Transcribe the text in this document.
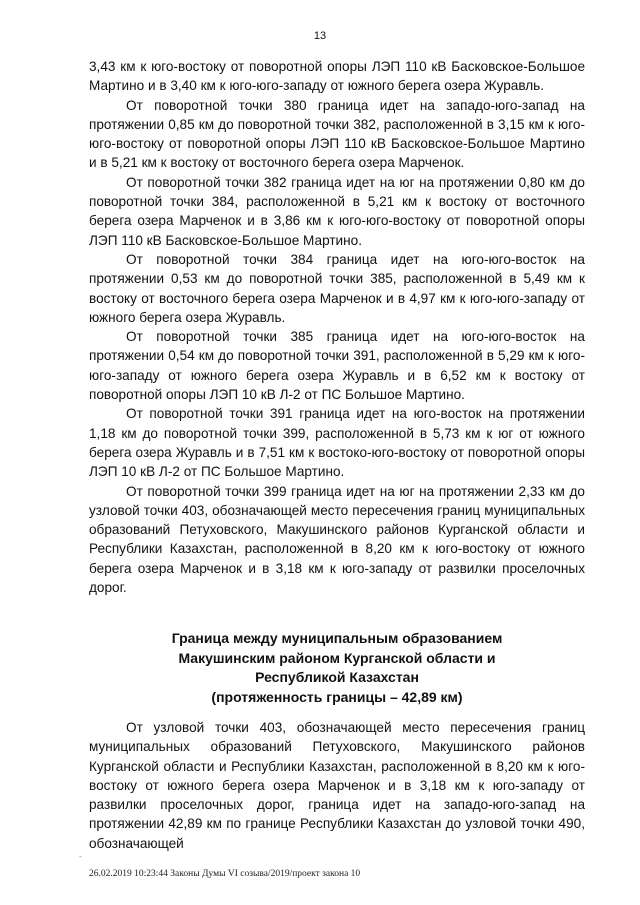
13

3,43 км к юго-востоку от поворотной опоры ЛЭП 110 кВ Басковское-Большое Мартино и в 3,40 км к юго-юго-западу от южного берега озера Журавль.

От поворотной точки 380 граница идет на западо-юго-запад на протяжении 0,85 км до поворотной точки 382, расположенной в 3,15 км к юго-юго-востоку от поворотной опоры ЛЭП 110 кВ Басковское-Большое Мартино и в 5,21 км к востоку от восточного берега озера Марченок.

От поворотной точки 382 граница идет на юг на протяжении 0,80 км до поворотной точки 384, расположенной в 5,21 км к востоку от восточного берега озера Марченок и в 3,86 км к юго-юго-востоку от поворотной опоры ЛЭП 110 кВ Басковское-Большое Мартино.

От поворотной точки 384 граница идет на юго-юго-восток на протяжении 0,53 км до поворотной точки 385, расположенной в 5,49 км к востоку от восточного берега озера Марченок и в 4,97 км к юго-юго-западу от южного берега озера Журавль.

От поворотной точки 385 граница идет на юго-юго-восток на протяжении 0,54 км до поворотной точки 391, расположенной в 5,29 км к юго-юго-западу от южного берега озера Журавль и в 6,52 км к востоку от поворотной опоры ЛЭП 10 кВ Л-2 от ПС Большое Мартино.

От поворотной точки 391 граница идет на юго-восток на протяжении 1,18 км до поворотной точки 399, расположенной в 5,73 км к юг от южного берега озера Журавль и в 7,51 км к востоко-юго-востоку от поворотной опоры ЛЭП 10 кВ Л-2 от ПС Большое Мартино.

От поворотной точки 399 граница идет на юг на протяжении 2,33 км до узловой точки 403, обозначающей место пересечения границ муниципальных образований Петуховского, Макушинского районов Курганской области и Республики Казахстан, расположенной в 8,20 км к юго-востоку от южного берега озера Марченок и в 3,18 км к юго-западу от развилки проселочных дорог.

Граница между муниципальным образованием
Макушинским районом Курганской области и
Республикой Казахстан
(протяженность границы – 42,89 км)

От узловой точки 403, обозначающей место пересечения границ муниципальных образований Петуховского, Макушинского районов Курганской области и Республики Казахстан, расположенной в 8,20 км к юго-востоку от южного берега озера Марченок и в 3,18 км к юго-западу от развилки проселочных дорог, граница идет на западо-юго-запад на протяжении 42,89 км по границе Республики Казахстан до узловой точки 490, обозначающей

-
26.02.2019 10:23:44 Законы Думы VI созыва/2019/проект закона 10
